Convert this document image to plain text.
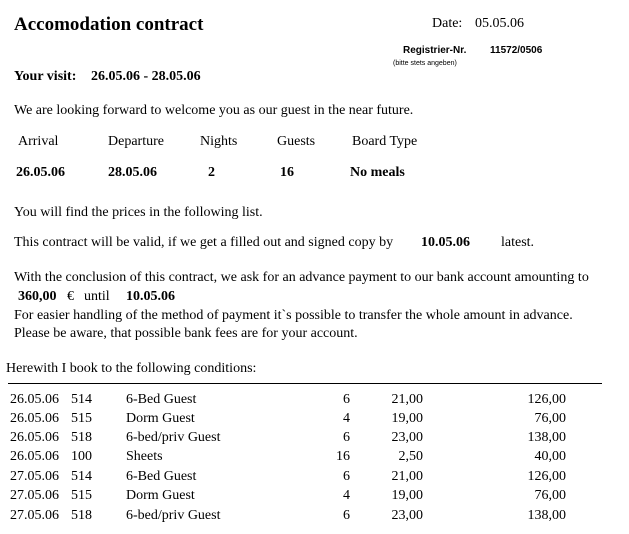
Accomodation contract	Date: 05.05.06
Registrier-Nr.
(bitte stets angeben)
11572/0506
Your visit: 26.05.06 - 28.05.06
We are looking forward to welcome you as our guest in the near future.
Arrival	Departure	Nights	Guests	Board Type
26.05.06	28.05.06	2	16	No meals
You will find the prices in the following list.
This contract will be valid, if we get a filled out and signed copy by 10.05.06 latest.
With the conclusion of this contract, we ask for an advance payment to our bank account amounting to
360,00 € until 10.05.06
For easier handling of the method of payment it`s possible to transfer the whole amount in advance.
Please be aware, that possible bank fees are for your account.
Herewith I book to the following conditions:
26.05.06 514 6-Bed Guest	6	21,00	126,00
26.05.06 515 Dorm Guest	4	19,00	76,00
26.05.06 518 6-bed/priv Guest	6	23,00	138,00
26.05.06 100 Sheets	16	2,50	40,00
27.05.06 514 6-Bed Guest	6	21,00	126,00
27.05.06 515 Dorm Guest	4	19,00	76,00
27.05.06 518 6-bed/priv Guest	6	23,00	138,00
